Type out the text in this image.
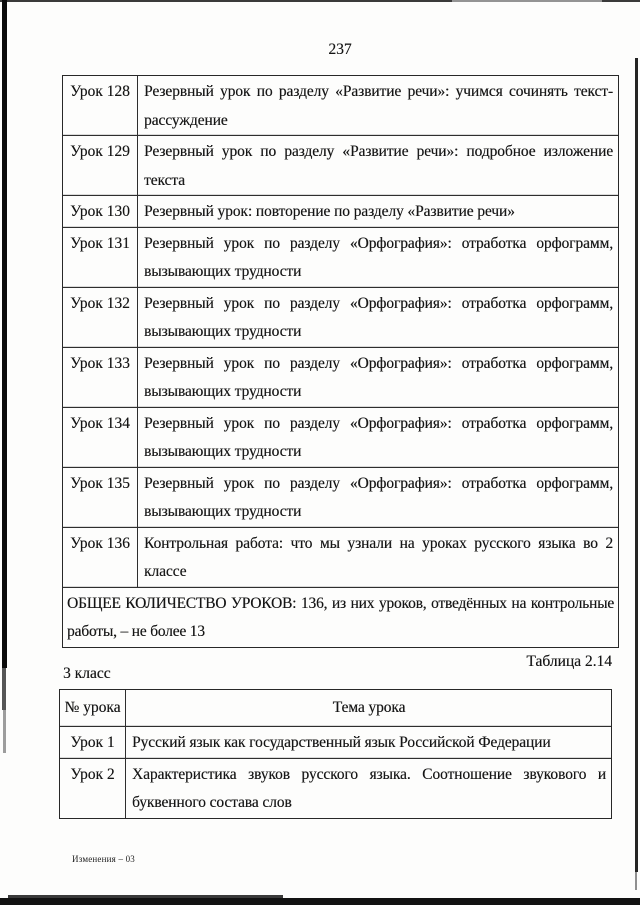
237
Урок 128 Резервный урок по разделу «Развитие речи»: учимся сочинять текст-рассуждение
Урок 129 Резервный урок по разделу «Развитие речи»: подробное изложение текста
Урок 130 Резервный урок: повторение по разделу «Развитие речи»
Урок 131 Резервный урок по разделу «Орфография»: отработка орфограмм, вызывающих трудности
Урок 132 Резервный урок по разделу «Орфография»: отработка орфограмм, вызывающих трудности
Урок 133 Резервный урок по разделу «Орфография»: отработка орфограмм, вызывающих трудности
Урок 134 Резервный урок по разделу «Орфография»: отработка орфограмм, вызывающих трудности
Урок 135 Резервный урок по разделу «Орфография»: отработка орфограмм, вызывающих трудности
Урок 136 Контрольная работа: что мы узнали на уроках русского языка во 2 классе
ОБЩЕЕ КОЛИЧЕСТВО УРОКОВ: 136, из них уроков, отведённых на контрольные работы, – не более 13
Таблица 2.14
3 класс
№ урока	Тема урока
Урок 1	Русский язык как государственный язык Российской Федерации
Урок 2	Характеристика звуков русского языка. Соотношение звукового и буквенного состава слов
Изменения – 03
